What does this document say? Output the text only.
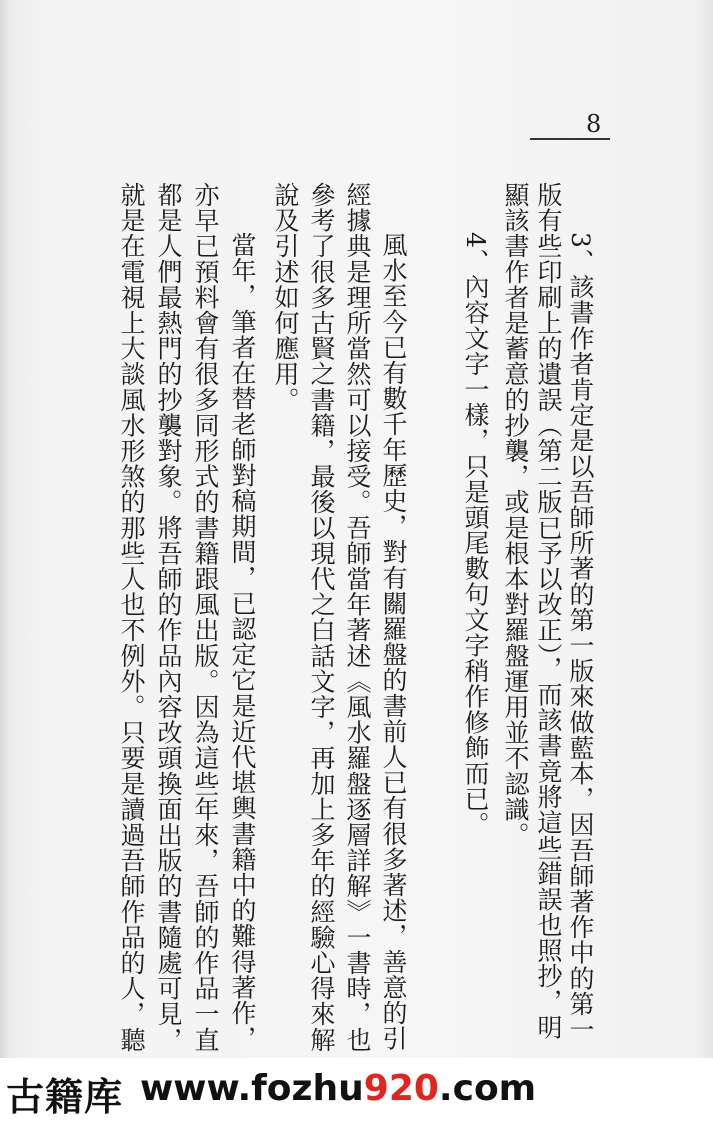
8
3、該書作者肯定是以吾師所著的第一版來做藍本，因吾師著作中的第一
版有些印刷上的遺誤（第二版已予以改正），而該書竟將這些錯誤也照抄，明
顯該書作者是蓄意的抄襲，或是根本對羅盤運用並不認識。
4、內容文字一樣，只是頭尾數句文字稍作修飾而已。
風水至今已有數千年歷史，對有關羅盤的書前人已有很多著述，善意的引
經據典是理所當然可以接受。吾師當年著述《風水羅盤逐層詳解》一書時，也
參考了很多古賢之書籍，最後以現代之白話文字，再加上多年的經驗心得來解
說及引述如何應用。
當年，筆者在替老師對稿期間，已認定它是近代堪輿書籍中的難得著作，
亦早已預料會有很多同形式的書籍跟風出版。因為這些年來，吾師的作品一直
都是人們最熱門的抄襲對象。將吾師的作品內容改頭換面出版的書隨處可見，
就是在電視上大談風水形煞的那些人也不例外。只要是讀過吾師作品的人，聽
古籍库 www.fozhu920.com
